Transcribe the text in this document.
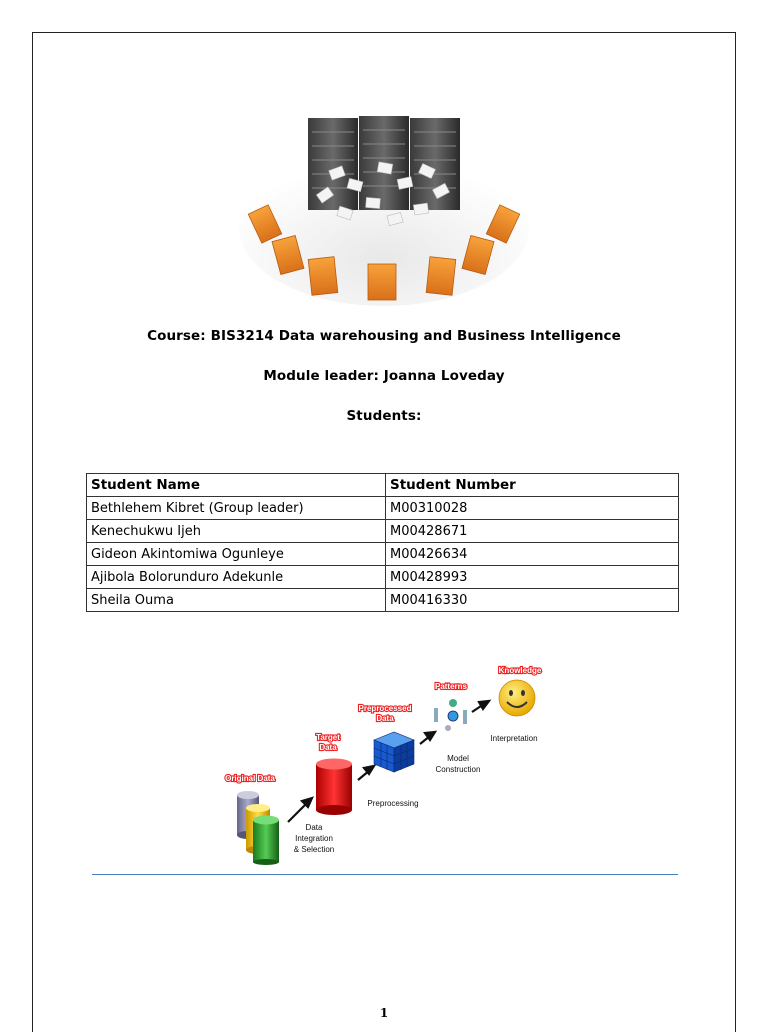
Course: BIS3214 Data warehousing and Business Intelligence
Module leader: Joanna Loveday
Students:
Student Name	Student Number
Bethlehem Kibret (Group leader)	M00310028
Kenechukwu Ijeh	M00428671
Gideon Akintomiwa Ogunleye	M00426634
Ajibola Bolorunduro Adekunle	M00428993
Sheila Ouma	M00416330
Original Data
Target
Data
Preprocessed
Data
Patterns
Knowledge
Data
Integration
& Selection
Preprocessing
Model
Construction
Interpretation
1
